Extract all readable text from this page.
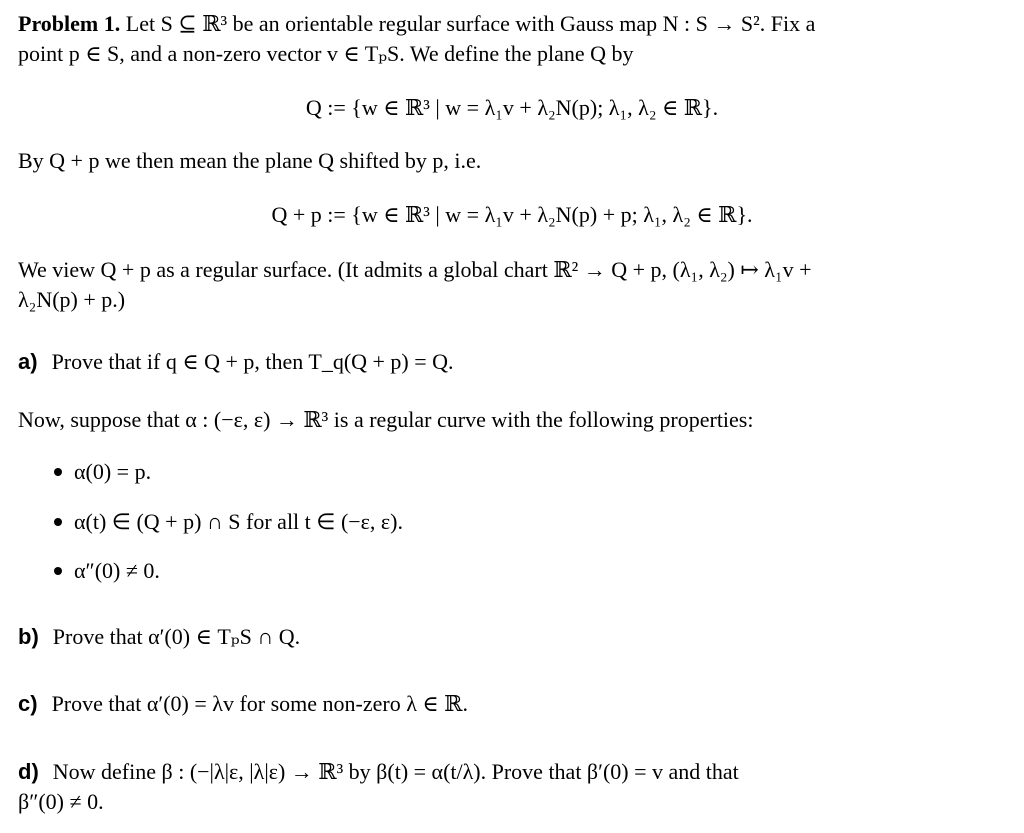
Problem 1. Let S ⊆ ℝ³ be an orientable regular surface with Gauss map N : S → S². Fix a
point p ∈ S, and a non-zero vector v ∈ TₚS. We define the plane Q by
Q := {w ∈ ℝ³ | w = λ₁v + λ₂N(p); λ₁, λ₂ ∈ ℝ}.
By Q + p we then mean the plane Q shifted by p, i.e.
Q + p := {w ∈ ℝ³ | w = λ₁v + λ₂N(p) + p; λ₁, λ₂ ∈ ℝ}.
We view Q + p as a regular surface. (It admits a global chart ℝ² → Q + p, (λ₁, λ₂) ↦ λ₁v +
λ₂N(p) + p.)
a) Prove that if q ∈ Q + p, then T_q(Q + p) = Q.
Now, suppose that α : (−ε, ε) → ℝ³ is a regular curve with the following properties:
α(0) = p.
α(t) ∈ (Q + p) ∩ S for all t ∈ (−ε, ε).
α″(0) ≠ 0.
b) Prove that α′(0) ∈ TₚS ∩ Q.
c) Prove that α′(0) = λv for some non-zero λ ∈ ℝ.
d) Now define β : (−|λ|ε, |λ|ε) → ℝ³ by β(t) = α(t/λ). Prove that β′(0) = v and that
β″(0) ≠ 0.
